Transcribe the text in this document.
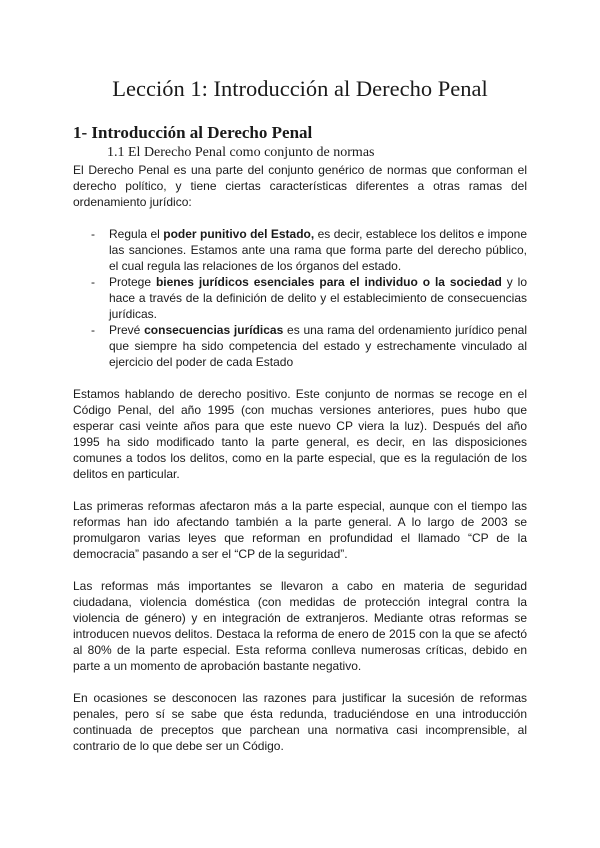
Lección 1: Introducción al Derecho Penal
1- Introducción al Derecho Penal
1.1 El Derecho Penal como conjunto de normas

El Derecho Penal es una parte del conjunto genérico de normas que conforman el derecho político, y tiene ciertas características diferentes a otras ramas del ordenamiento jurídico:

- Regula el poder punitivo del Estado, es decir, establece los delitos e impone las sanciones. Estamos ante una rama que forma parte del derecho público, el cual regula las relaciones de los órganos del estado.
- Protege bienes jurídicos esenciales para el individuo o la sociedad y lo hace a través de la definición de delito y el establecimiento de consecuencias jurídicas.
- Prevé consecuencias jurídicas es una rama del ordenamiento jurídico penal que siempre ha sido competencia del estado y estrechamente vinculado al ejercicio del poder de cada Estado

Estamos hablando de derecho positivo. Este conjunto de normas se recoge en el Código Penal, del año 1995 (con muchas versiones anteriores, pues hubo que esperar casi veinte años para que este nuevo CP viera la luz). Después del año 1995 ha sido modificado tanto la parte general, es decir, en las disposiciones comunes a todos los delitos, como en la parte especial, que es la regulación de los delitos en particular.

Las primeras reformas afectaron más a la parte especial, aunque con el tiempo las reformas han ido afectando también a la parte general. A lo largo de 2003 se promulgaron varias leyes que reforman en profundidad el llamado “CP de la democracia” pasando a ser el “CP de la seguridad”.

Las reformas más importantes se llevaron a cabo en materia de seguridad ciudadana, violencia doméstica (con medidas de protección integral contra la violencia de género) y en integración de extranjeros. Mediante otras reformas se introducen nuevos delitos. Destaca la reforma de enero de 2015 con la que se afectó al 80% de la parte especial. Esta reforma conlleva numerosas críticas, debido en parte a un momento de aprobación bastante negativo.

En ocasiones se desconocen las razones para justificar la sucesión de reformas penales, pero sí se sabe que ésta redunda, traduciéndose en una introducción continuada de preceptos que parchean una normativa casi incomprensible, al contrario de lo que debe ser un Código.
